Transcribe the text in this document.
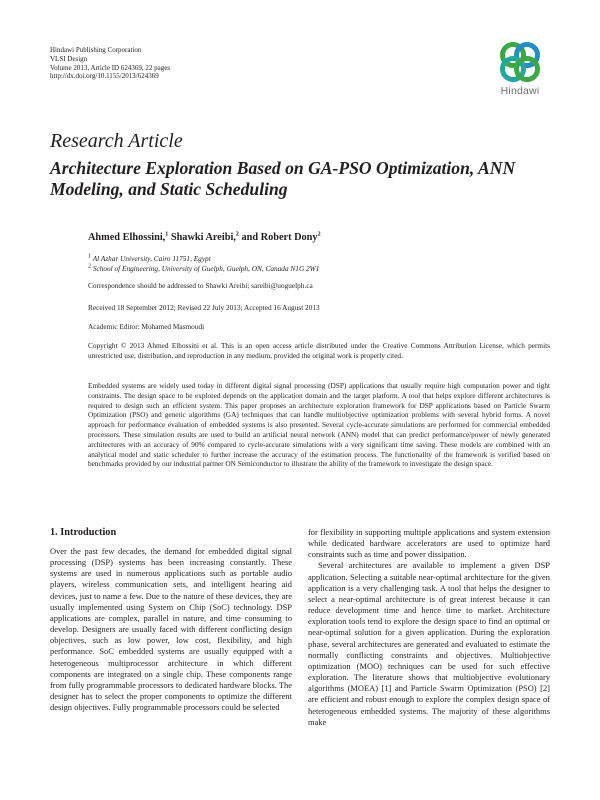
Hindawi Publishing Corporation
VLSI Design
Volume 2013, Article ID 624369, 22 pages
http://dx.doi.org/10.1155/2013/624369
Hindawi
Research Article
Architecture Exploration Based on GA-PSO Optimization, ANN Modeling, and Static Scheduling
Ahmed Elhossini,$^1$ Shawki Areibi,$^2$ and Robert Dony$^2$
$^1$ Al Azhar University, Cairo 11751, Egypt
$^2$ School of Engineering, University of Guelph, Guelph, ON, Canada N1G 2W1
Correspondence should be addressed to Shawki Areibi; sareibi@uoguelph.ca
Received 18 September 2012; Revised 22 July 2013; Accepted 16 August 2013
Academic Editor: Mohamed Masmoudi
Copyright © 2013 Ahmed Elhossini et al. This is an open access article distributed under the Creative Commons Attribution License, which permits unrestricted use, distribution, and reproduction in any medium, provided the original work is properly cited.
Embedded systems are widely used today in different digital signal processing (DSP) applications that usually require high computation power and tight constraints. The design space to be explored depends on the application domain and the target platform. A tool that helps explore different architectures is required to design such an efficient system. This paper proposes an architecture exploration framework for DSP applications based on Particle Swarm Optimization (PSO) and genetic algorithms (GA) techniques that can handle multiobjective optimization problems with several hybrid forms. A novel approach for performance evaluation of embedded systems is also presented. Several cycle-accurate simulations are performed for commercial embedded processors. These simulation results are used to build an artificial neural network (ANN) model that can predict performance/power of newly generated architectures with an accuracy of 90% compared to cycle-accurate simulations with a very significant time saving. These models are combined with an analytical model and static scheduler to further increase the accuracy of the estimation process. The functionality of the framework is verified based on benchmarks provided by our industrial partner ON Semiconductor to illustrate the ability of the framework to investigate the design space.
1. Introduction

Over the past few decades, the demand for embedded digital signal processing (DSP) systems has been increasing constantly. These systems are used in numerous applications such as portable audio players, wireless communication sets, and intelligent hearing aid devices, just to name a few. Due to the nature of these devices, they are usually implemented using System on Chip (SoC) technology. DSP applications are complex, parallel in nature, and time consuming to develop. Designers are usually faced with different conflicting design objectives, such as low power, low cost, flexibility, and high performance. SoC embedded systems are usually equipped with a heterogeneous multiprocessor architecture in which different components are integrated on a single chip. These components range from fully programmable processors to dedicated hardware blocks. The designer has to select the proper components to optimize the different design objectives. Fully programmable processors could be selected

for flexibility in supporting multiple applications and system extension while dedicated hardware accelerators are used to optimize hard constraints such as time and power dissipation.

Several architectures are available to implement a given DSP application. Selecting a suitable near-optimal architecture for the given application is a very challenging task. A tool that helps the designer to select a near-optimal architecture is of great interest because it can reduce development time and hence time to market. Architecture exploration tools tend to explore the design space to find an optimal or near-optimal solution for a given application. During the exploration phase, several architectures are generated and evaluated to estimate the normally conflicting constraints and objectives. Multiobjective optimization (MOO) techniques can be used for such effective exploration. The literature shows that multiobjective evolutionary algorithms (MOEA) [1] and Particle Swarm Optimization (PSO) [2] are efficient and robust enough to explore the complex design space of heterogeneous embedded systems. The majority of these algorithms make
